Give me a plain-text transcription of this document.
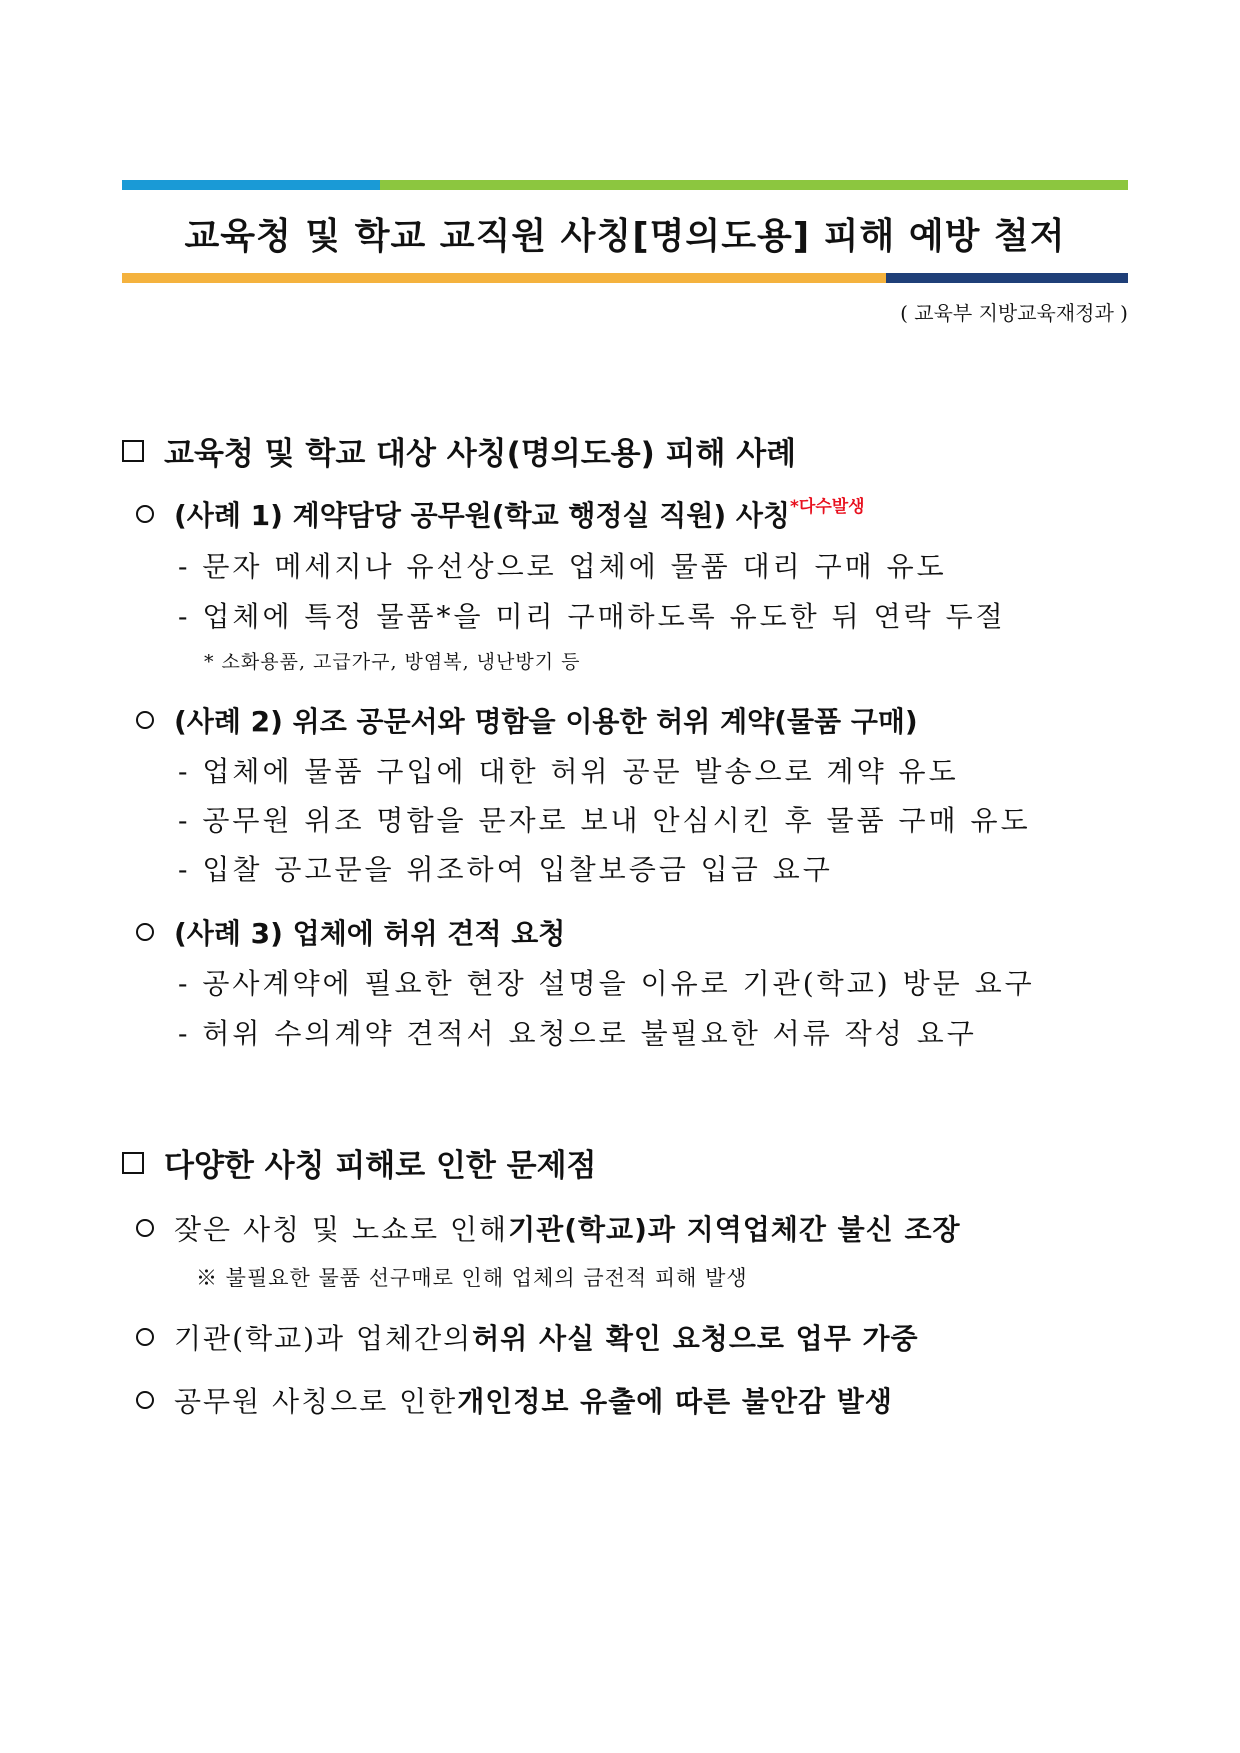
교육청 및 학교 교직원 사칭[명의도용] 피해 예방 철저
( 교육부 지방교육재정과 )
교육청 및 학교 대상 사칭(명의도용) 피해 사례
(사례 1) 계약담당 공무원(학교 행정실 직원) 사칭 *다수발생
- 문자 메세지나 유선상으로 업체에 물품 대리 구매 유도
- 업체에 특정 물품*을 미리 구매하도록 유도한 뒤 연락 두절
* 소화용품, 고급가구, 방염복, 냉난방기 등
(사례 2) 위조 공문서와 명함을 이용한 허위 계약(물품 구매)
- 업체에 물품 구입에 대한 허위 공문 발송으로 계약 유도
- 공무원 위조 명함을 문자로 보내 안심시킨 후 물품 구매 유도
- 입찰 공고문을 위조하여 입찰보증금 입금 요구
(사례 3) 업체에 허위 견적 요청
- 공사계약에 필요한 현장 설명을 이유로 기관(학교) 방문 요구
- 허위 수의계약 견적서 요청으로 불필요한 서류 작성 요구
다양한 사칭 피해로 인한 문제점
잦은 사칭 및 노쇼로 인해 기관(학교)과 지역업체간 불신 조장
※ 불필요한 물품 선구매로 인해 업체의 금전적 피해 발생
기관(학교)과 업체간의 허위 사실 확인 요청으로 업무 가중
공무원 사칭으로 인한 개인정보 유출에 따른 불안감 발생
